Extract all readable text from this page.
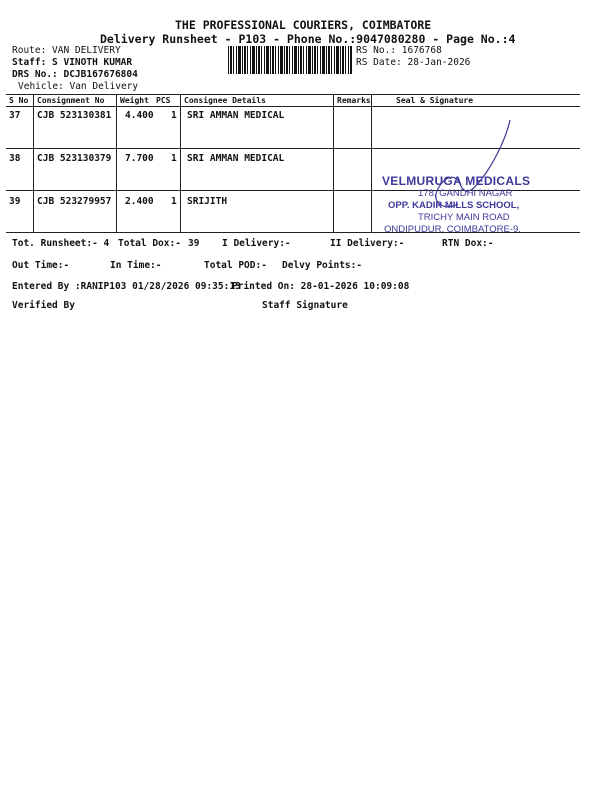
THE PROFESSIONAL COURIERS, COIMBATORE
Delivery Runsheet - P103 - Phone No.:9047080280 - Page No.:4
Route: VAN DELIVERY
Staff: S VINOTH KUMAR
DRS No.: DCJB167676804
Vehicle: Van Delivery
RS No.: 1676768
RS Date: 28-Jan-2026
S No Consignment No Weight PCS Consignee Details	Remarks	Seal & Signature
37 CJB 523130381 4.400 1 SRI AMMAN MEDICAL
38 CJB 523130379 7.700 1 SRI AMMAN MEDICAL
39 CJB 523279957 2.400 1 SRIJITH
VELMURUGA MEDICALS
178, GANDHI NAGAR
OPP. KADIR MILLS SCHOOL,
TRICHY MAIN ROAD
ONDIPUDUR, COIMBATORE-9.
Tot. Runsheet:- 4 Total Dox:- 39 I Delivery:-	II Delivery:-	RTN Dox:-
Out Time:-	In Time:-	Total POD:- Delvy Points:-
Entered By :RANIP103 01/28/2026 09:35:13
Printed On: 28-01-2026 10:09:08
Verified By	Staff Signature
